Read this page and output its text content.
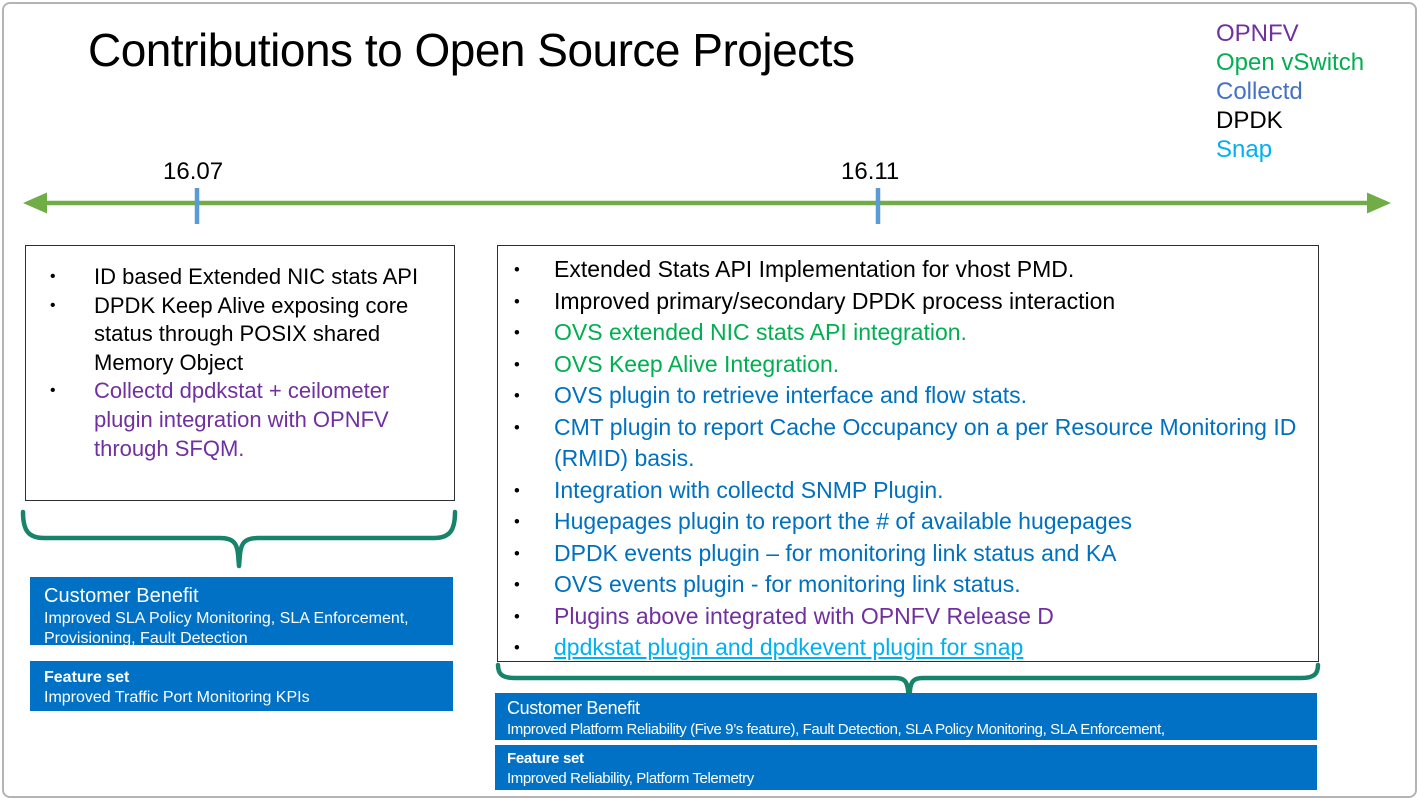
Contributions to Open Source Projects	OPNFV
Open vSwitch
Collectd
DPDK
Snap
16.07	16.11
•	ID based Extended NIC stats API
•	DPDK Keep Alive exposing core status through POSIX shared Memory Object
•	Collectd dpdkstat + ceilometer plugin integration with OPNFV through SFQM.
•	Extended Stats API Implementation for vhost PMD.
•	Improved primary/secondary DPDK process interaction
•	OVS extended NIC stats API integration.
•	OVS Keep Alive Integration.
•	OVS plugin to retrieve interface and flow stats.
•	CMT plugin to report Cache Occupancy on a per Resource Monitoring ID (RMID) basis.
•	Integration with collectd SNMP Plugin.
•	Hugepages plugin to report the # of available hugepages
•	DPDK events plugin – for monitoring link status and KA
•	OVS events plugin - for monitoring link status.
•	Plugins above integrated with OPNFV Release D
•	dpdkstat plugin and dpdkevent plugin for snap
Customer Benefit
Improved SLA Policy Monitoring, SLA Enforcement, Provisioning, Fault Detection
Feature set
Improved Traffic Port Monitoring KPIs
Customer Benefit
Improved Platform Reliability (Five 9’s feature), Fault Detection, SLA Policy Monitoring, SLA Enforcement,
Feature set
Improved Reliability, Platform Telemetry
